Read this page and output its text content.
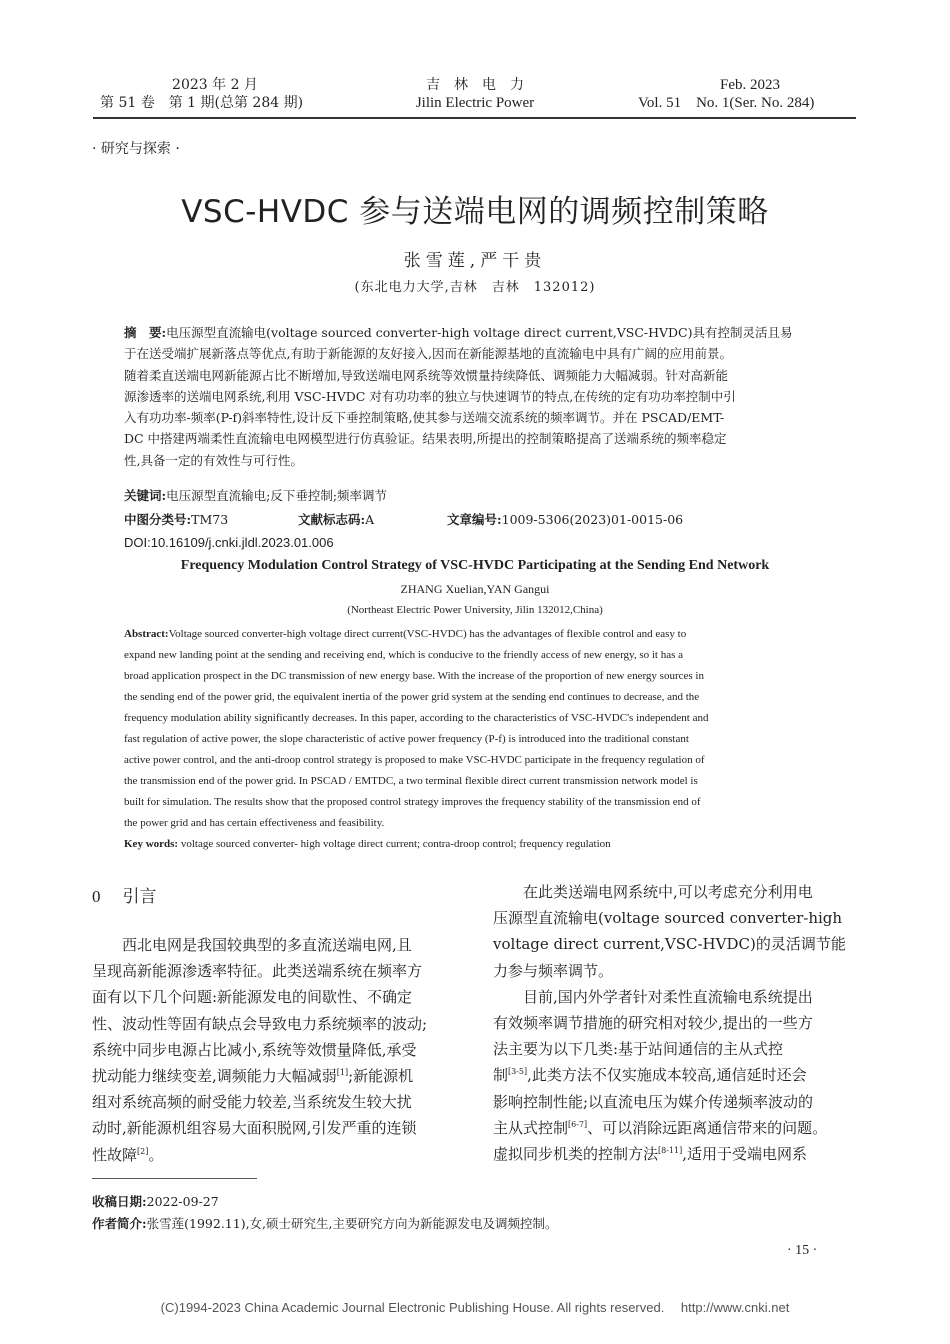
2023 年 2 月
第 51 卷　第 1 期(总第 284 期)
吉　林　电　力
Jilin Electric Power
Feb. 2023
Vol. 51　No. 1(Ser. No. 284)
· 研究与探索 ·
VSC-HVDC 参与送端电网的调频控制策略
张雪莲,严干贵
(东北电力大学,吉林　吉林　132012)
摘　要:电压源型直流输电(voltage sourced converter-high voltage direct current,VSC-HVDC)具有控制灵活且易
于在送受端扩展新落点等优点,有助于新能源的友好接入,因而在新能源基地的直流输电中具有广阔的应用前景。
随着柔直送端电网新能源占比不断增加,导致送端电网系统等效惯量持续降低、调频能力大幅减弱。针对高新能
源渗透率的送端电网系统,利用 VSC-HVDC 对有功功率的独立与快速调节的特点,在传统的定有功功率控制中引
入有功功率-频率(P-f)斜率特性,设计反下垂控制策略,使其参与送端交流系统的频率调节。并在 PSCAD/EMT-
DC 中搭建两端柔性直流输电电网模型进行仿真验证。结果表明,所提出的控制策略提高了送端系统的频率稳定
性,具备一定的有效性与可行性。
关键词:电压源型直流输电;反下垂控制;频率调节
中图分类号:TM73	文献标志码:A	文章编号:1009-5306(2023)01-0015-06
DOI:10.16109/j.cnki.jldl.2023.01.006
Frequency Modulation Control Strategy of VSC-HVDC Participating at the Sending End Network
ZHANG Xuelian,YAN Gangui
(Northeast Electric Power University, Jilin 132012,China)
Abstract:Voltage sourced converter-high voltage direct current(VSC-HVDC) has the advantages of flexible control and easy to
expand new landing point at the sending and receiving end, which is conducive to the friendly access of new energy, so it has a
broad application prospect in the DC transmission of new energy base. With the increase of the proportion of new energy sources in
the sending end of the power grid, the equivalent inertia of the power grid system at the sending end continues to decrease, and the
frequency modulation ability significantly decreases. In this paper, according to the characteristics of VSC-HVDC's independent and
fast regulation of active power, the slope characteristic of active power frequency (P-f) is introduced into the traditional constant
active power control, and the anti-droop control strategy is proposed to make VSC-HVDC participate in the frequency regulation of
the transmission end of the power grid. In PSCAD / EMTDC, a two terminal flexible direct current transmission network model is
built for simulation. The results show that the proposed control strategy improves the frequency stability of the transmission end of
the power grid and has certain effectiveness and feasibility.
Key words: voltage sourced converter- high voltage direct current; contra-droop control; frequency regulation
0 引言
西北电网是我国较典型的多直流送端电网,且
呈现高新能源渗透率特征。此类送端系统在频率方
面有以下几个问题:新能源发电的间歇性、不确定
性、波动性等固有缺点会导致电力系统频率的波动;
系统中同步电源占比减小,系统等效惯量降低,承受
扰动能力继续变差,调频能力大幅减弱[1];新能源机
组对系统高频的耐受能力较差,当系统发生较大扰
动时,新能源机组容易大面积脱网,引发严重的连锁
性故障[2]。
在此类送端电网系统中,可以考虑充分利用电
压源型直流输电(voltage sourced converter-high
voltage direct current,VSC-HVDC)的灵活调节能
力参与频率调节。
目前,国内外学者针对柔性直流输电系统提出
有效频率调节措施的研究相对较少,提出的一些方
法主要为以下几类:基于站间通信的主从式控
制[3-5],此类方法不仅实施成本较高,通信延时还会
影响控制性能;以直流电压为媒介传递频率波动的
主从式控制[6-7]、可以消除远距离通信带来的问题。
虚拟同步机类的控制方法[8-11],适用于受端电网系
收稿日期:2022-09-27
作者简介:张雪莲(1992.11),女,硕士研究生,主要研究方向为新能源发电及调频控制。
· 15 ·
(C)1994-2023 China Academic Journal Electronic Publishing House. All rights reserved.　 http://www.cnki.net
